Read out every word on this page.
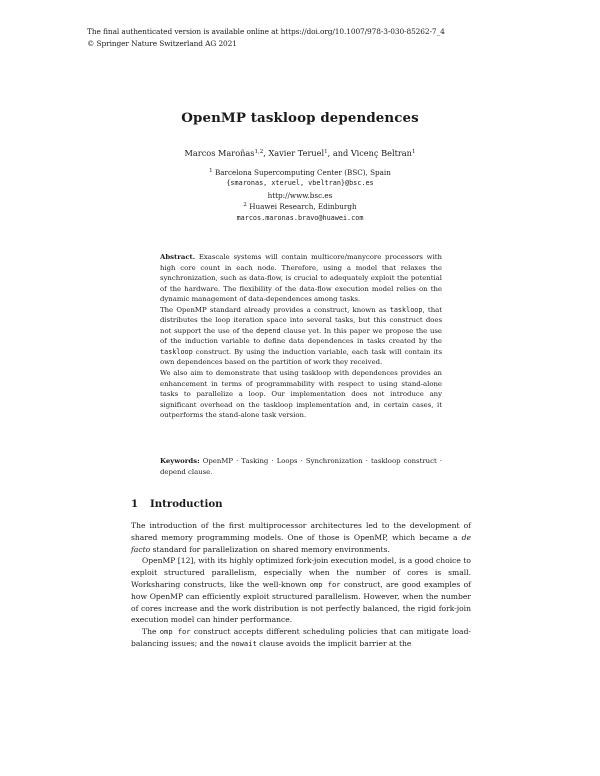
The final authenticated version is available online at https://doi.org/10.1007/978-3-030-85262-7_4
© Springer Nature Switzerland AG 2021
OpenMP taskloop dependences
Marcos Maroñas$^{1,2}$, Xavier Teruel$^1$, and Vicenç Beltran$^1$
$^1$ Barcelona Supercomputing Center (BSC), Spain
{smaronas, xteruel, vbeltran}@bsc.es
http://www.bsc.es
$^2$ Huawei Research, Edinburgh
marcos.maronas.bravo@huawei.com

Abstract. Exascale systems will contain multicore/manycore processors with high core count in each node. Therefore, using a model that relaxes the synchronization, such as data-flow, is crucial to adequately exploit the potential of the hardware. The flexibility of the data-flow execution model relies on the dynamic management of data-dependences among tasks.

The OpenMP standard already provides a construct, known as taskloop, that distributes the loop iteration space into several tasks, but this construct does not support the use of the depend clause yet. In this paper we propose the use of the induction variable to define data dependences in tasks created by the taskloop construct. By using the induction variable, each task will contain its own dependences based on the partition of work they received.

We also aim to demonstrate that using taskloop with dependences provides an enhancement in terms of programmability with respect to using stand-alone tasks to parallelize a loop. Our implementation does not introduce any significant overhead on the taskloop implementation and, in certain cases, it outperforms the stand-alone task version.

Keywords: OpenMP · Tasking · Loops · Synchronization · taskloop construct · depend clause.
1 Introduction

The introduction of the first multiprocessor architectures led to the development of shared memory programming models. One of those is OpenMP, which became a de facto standard for parallelization on shared memory environments.

OpenMP [12], with its highly optimized fork-join execution model, is a good choice to exploit structured parallelism, especially when the number of cores is small. Worksharing constructs, like the well-known omp for construct, are good examples of how OpenMP can efficiently exploit structured parallelism. However, when the number of cores increase and the work distribution is not perfectly balanced, the rigid fork-join execution model can hinder performance.

The omp for construct accepts different scheduling policies that can mitigate load-balancing issues; and the nowait clause avoids the implicit barrier at the
